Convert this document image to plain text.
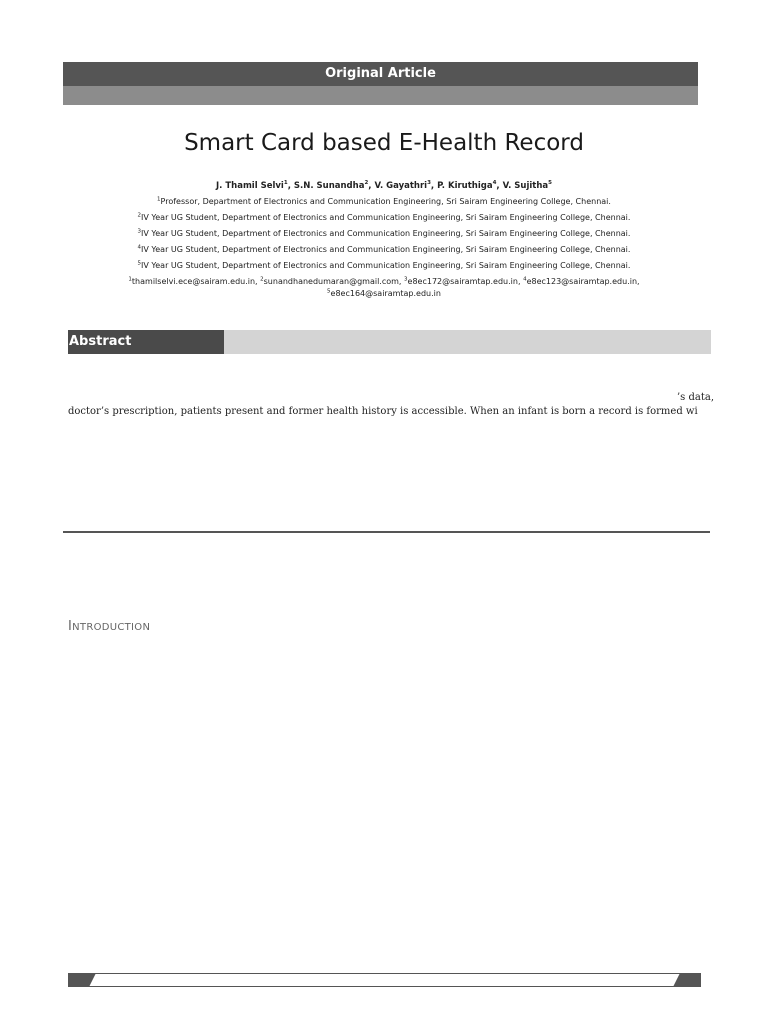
Original Article
Smart Card based E-Health Record
J. Thamil Selvi$^1$, S.N. Sunandha$^2$, V. Gayathri$^3$, P. Kiruthiga$^4$, V. Sujitha$^5$
$^1$Professor, Department of Electronics and Communication Engineering, Sri Sairam Engineering College, Chennai.
$^2$IV Year UG Student, Department of Electronics and Communication Engineering, Sri Sairam Engineering College, Chennai.
$^3$IV Year UG Student, Department of Electronics and Communication Engineering, Sri Sairam Engineering College, Chennai.
$^4$IV Year UG Student, Department of Electronics and Communication Engineering, Sri Sairam Engineering College, Chennai.
$^5$IV Year UG Student, Department of Electronics and Communication Engineering, Sri Sairam Engineering College, Chennai.
$^1$thamilselvi.ece@sairam.edu.in, $^2$sunandhanedumaran@gmail.com, $^3$e8ec172@sairamtap.edu.in, $^4$e8ec123@sairamtap.edu.in,
$^5$e8ec164@sairamtap.edu.in
Abstract
’s data,
doctor’s prescription, patients present and former health history is accessible. When an infant is born a record is formed wi
INTRODUCTION
